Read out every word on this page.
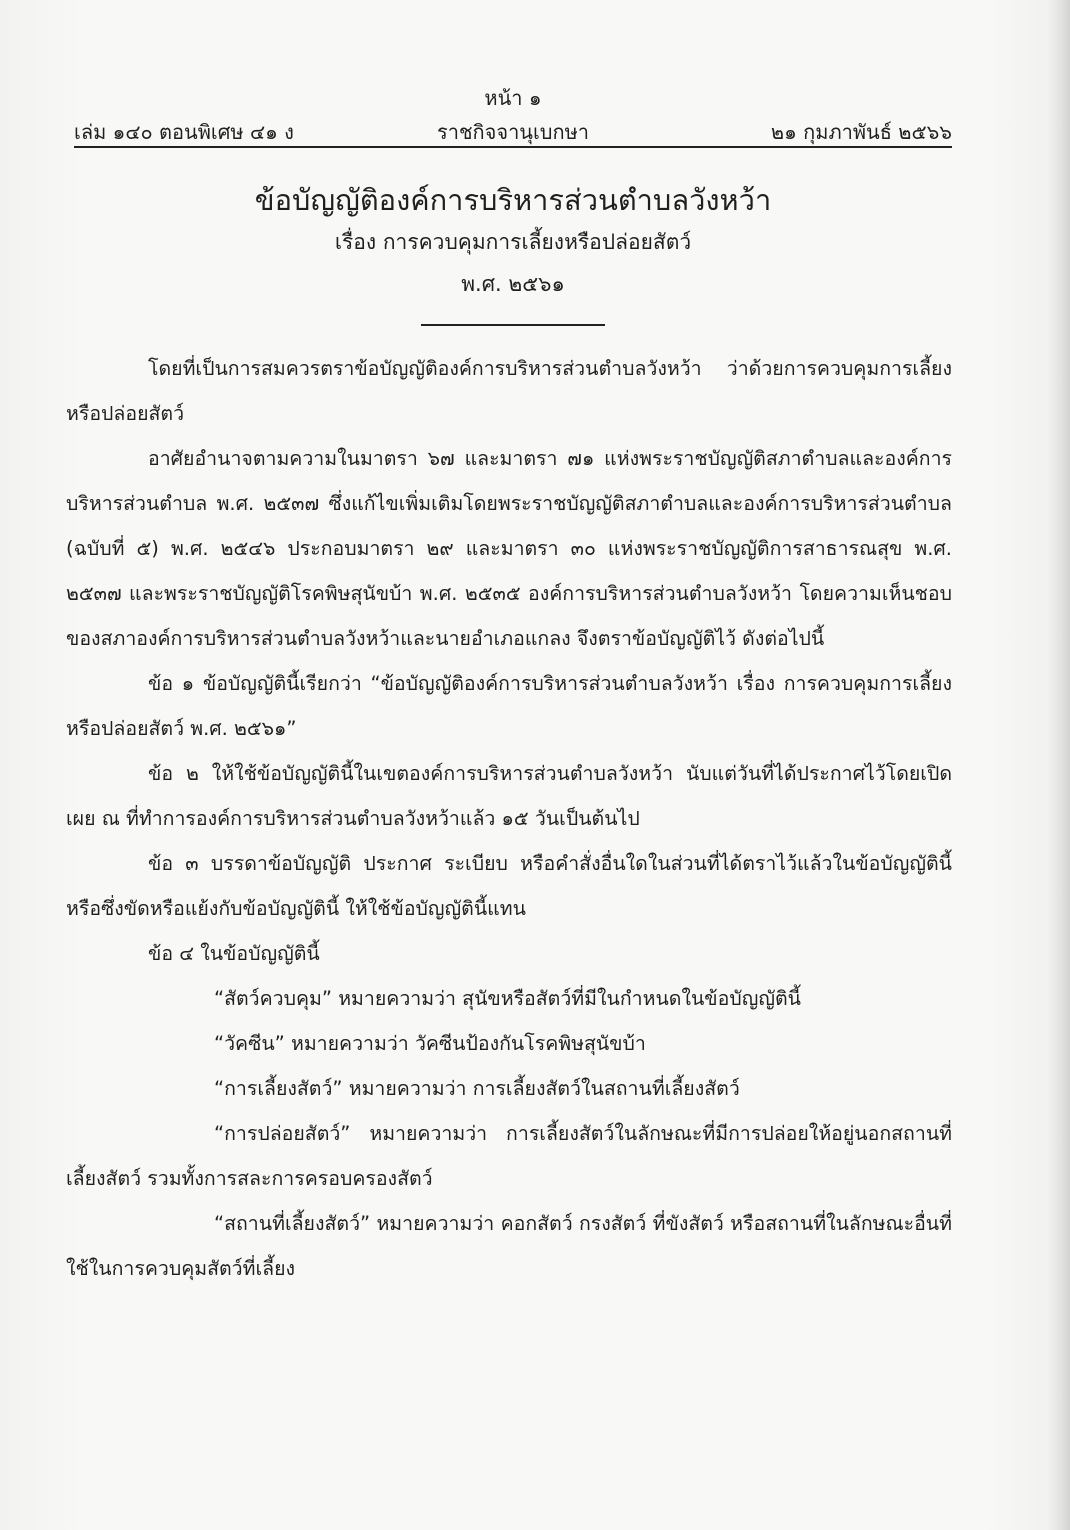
หน้า ๑
เล่ม ๑๔๐ ตอนพิเศษ ๔๑ ง	ราชกิจจานุเบกษา	๒๑ กุมภาพันธ์ ๒๕๖๖
ข้อบัญญัติองค์การบริหารส่วนตำบลวังหว้า
เรื่อง การควบคุมการเลี้ยงหรือปล่อยสัตว์
พ.ศ. ๒๕๖๑

โดยที่เป็นการสมควรตราข้อบัญญัติองค์การบริหารส่วนตำบลวังหว้า ว่าด้วยการควบคุมการเลี้ยงหรือปล่อยสัตว์

อาศัยอำนาจตามความในมาตรา ๖๗ และมาตรา ๗๑ แห่งพระราชบัญญัติสภาตำบลและองค์การบริหารส่วนตำบล พ.ศ. ๒๕๓๗ ซึ่งแก้ไขเพิ่มเติมโดยพระราชบัญญัติสภาตำบลและองค์การบริหารส่วนตำบล (ฉบับที่ ๕) พ.ศ. ๒๕๔๖ ประกอบมาตรา ๒๙ และมาตรา ๓๐ แห่งพระราชบัญญัติการสาธารณสุข พ.ศ. ๒๕๓๗ และพระราชบัญญัติโรคพิษสุนัขบ้า พ.ศ. ๒๕๓๕ องค์การบริหารส่วนตำบลวังหว้า โดยความเห็นชอบของสภาองค์การบริหารส่วนตำบลวังหว้าและนายอำเภอแกลง จึงตราข้อบัญญัติไว้ ดังต่อไปนี้

ข้อ ๑ ข้อบัญญัตินี้เรียกว่า “ข้อบัญญัติองค์การบริหารส่วนตำบลวังหว้า เรื่อง การควบคุมการเลี้ยงหรือปล่อยสัตว์ พ.ศ. ๒๕๖๑”

ข้อ ๒ ให้ใช้ข้อบัญญัตินี้ในเขตองค์การบริหารส่วนตำบลวังหว้า นับแต่วันที่ได้ประกาศไว้โดยเปิดเผย ณ ที่ทำการองค์การบริหารส่วนตำบลวังหว้าแล้ว ๑๕ วันเป็นต้นไป

ข้อ ๓ บรรดาข้อบัญญัติ ประกาศ ระเบียบ หรือคำสั่งอื่นใดในส่วนที่ได้ตราไว้แล้วในข้อบัญญัตินี้ หรือซึ่งขัดหรือแย้งกับข้อบัญญัตินี้ ให้ใช้ข้อบัญญัตินี้แทน

ข้อ ๔ ในข้อบัญญัตินี้

“สัตว์ควบคุม” หมายความว่า สุนัขหรือสัตว์ที่มีในกำหนดในข้อบัญญัตินี้

“วัคซีน” หมายความว่า วัคซีนป้องกันโรคพิษสุนัขบ้า

“การเลี้ยงสัตว์” หมายความว่า การเลี้ยงสัตว์ในสถานที่เลี้ยงสัตว์

“การปล่อยสัตว์” หมายความว่า การเลี้ยงสัตว์ในลักษณะที่มีการปล่อยให้อยู่นอกสถานที่เลี้ยงสัตว์ รวมทั้งการสละการครอบครองสัตว์

“สถานที่เลี้ยงสัตว์” หมายความว่า คอกสัตว์ กรงสัตว์ ที่ขังสัตว์ หรือสถานที่ในลักษณะอื่นที่ใช้ในการควบคุมสัตว์ที่เลี้ยง
